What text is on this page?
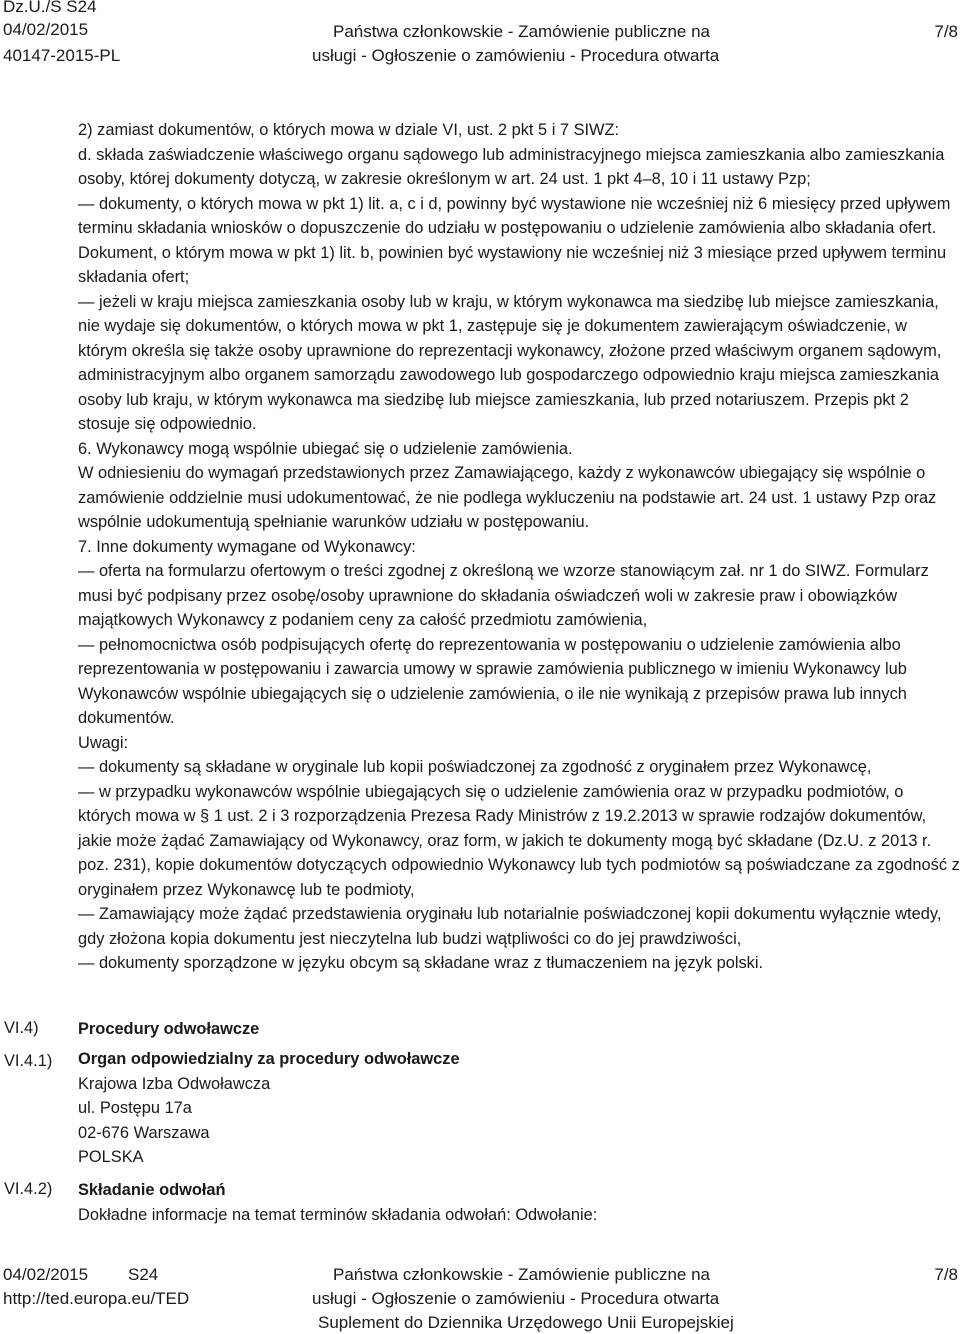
Dz.U./S S24
04/02/2015
40147-2015-PL
Państwa członkowskie - Zamówienie publiczne na
usługi - Ogłoszenie o zamówieniu - Procedura otwarta
7/8

2) zamiast dokumentów, o których mowa w dziale VI, ust. 2 pkt 5 i 7 SIWZ:

d. składa zaświadczenie właściwego organu sądowego lub administracyjnego miejsca zamieszkania albo zamieszkania osoby, której dokumenty dotyczą, w zakresie określonym w art. 24 ust. 1 pkt 4–8, 10 i 11 ustawy Pzp;

— dokumenty, o których mowa w pkt 1) lit. a, c i d, powinny być wystawione nie wcześniej niż 6 miesięcy przed upływem terminu składania wniosków o dopuszczenie do udziału w postępowaniu o udzielenie zamówienia albo składania ofert. Dokument, o którym mowa w pkt 1) lit. b, powinien być wystawiony nie wcześniej niż 3 miesiące przed upływem terminu składania ofert;

— jeżeli w kraju miejsca zamieszkania osoby lub w kraju, w którym wykonawca ma siedzibę lub miejsce zamieszkania, nie wydaje się dokumentów, o których mowa w pkt 1, zastępuje się je dokumentem zawierającym oświadczenie, w którym określa się także osoby uprawnione do reprezentacji wykonawcy, złożone przed właściwym organem sądowym, administracyjnym albo organem samorządu zawodowego lub gospodarczego odpowiednio kraju miejsca zamieszkania osoby lub kraju, w którym wykonawca ma siedzibę lub miejsce zamieszkania, lub przed notariuszem. Przepis pkt 2 stosuje się odpowiednio.

6. Wykonawcy mogą wspólnie ubiegać się o udzielenie zamówienia.

W odniesieniu do wymagań przedstawionych przez Zamawiającego, każdy z wykonawców ubiegający się wspólnie o zamówienie oddzielnie musi udokumentować, że nie podlega wykluczeniu na podstawie art. 24 ust. 1 ustawy Pzp oraz wspólnie udokumentują spełnianie warunków udziału w postępowaniu.

7. Inne dokumenty wymagane od Wykonawcy:

— oferta na formularzu ofertowym o treści zgodnej z określoną we wzorze stanowiącym zał. nr 1 do SIWZ. Formularz musi być podpisany przez osobę/osoby uprawnione do składania oświadczeń woli w zakresie praw i obowiązków majątkowych Wykonawcy z podaniem ceny za całość przedmiotu zamówienia,

— pełnomocnictwa osób podpisujących ofertę do reprezentowania w postępowaniu o udzielenie zamówienia albo reprezentowania w postępowaniu i zawarcia umowy w sprawie zamówienia publicznego w imieniu Wykonawcy lub Wykonawców wspólnie ubiegających się o udzielenie zamówienia, o ile nie wynikają z przepisów prawa lub innych dokumentów.

Uwagi:

— dokumenty są składane w oryginale lub kopii poświadczonej za zgodność z oryginałem przez Wykonawcę,

— w przypadku wykonawców wspólnie ubiegających się o udzielenie zamówienia oraz w przypadku podmiotów, o których mowa w § 1 ust. 2 i 3 rozporządzenia Prezesa Rady Ministrów z 19.2.2013 w sprawie rodzajów dokumentów, jakie może żądać Zamawiający od Wykonawcy, oraz form, w jakich te dokumenty mogą być składane (Dz.U. z 2013 r. poz. 231), kopie dokumentów dotyczących odpowiednio Wykonawcy lub tych podmiotów są poświadczane za zgodność z oryginałem przez Wykonawcę lub te podmioty,

— Zamawiający może żądać przedstawienia oryginału lub notarialnie poświadczonej kopii dokumentu wyłącznie wtedy, gdy złożona kopia dokumentu jest nieczytelna lub budzi wątpliwości co do jej prawdziwości,

— dokumenty sporządzone w języku obcym są składane wraz z tłumaczeniem na język polski.

VI.4) Procedury odwoławcze
VI.4.1) Organ odpowiedzialny za procedury odwoławcze
Krajowa Izba Odwoławcza
ul. Postępu 17a
02-676 Warszawa
POLSKA
VI.4.2) Składanie odwołań
Dokładne informacje na temat terminów składania odwołań: Odwołanie:
04/02/2015 S24
http://ted.europa.eu/TED
Państwa członkowskie - Zamówienie publiczne na
usługi - Ogłoszenie o zamówieniu - Procedura otwarta
Suplement do Dziennika Urzędowego Unii Europejskiej
7/8
